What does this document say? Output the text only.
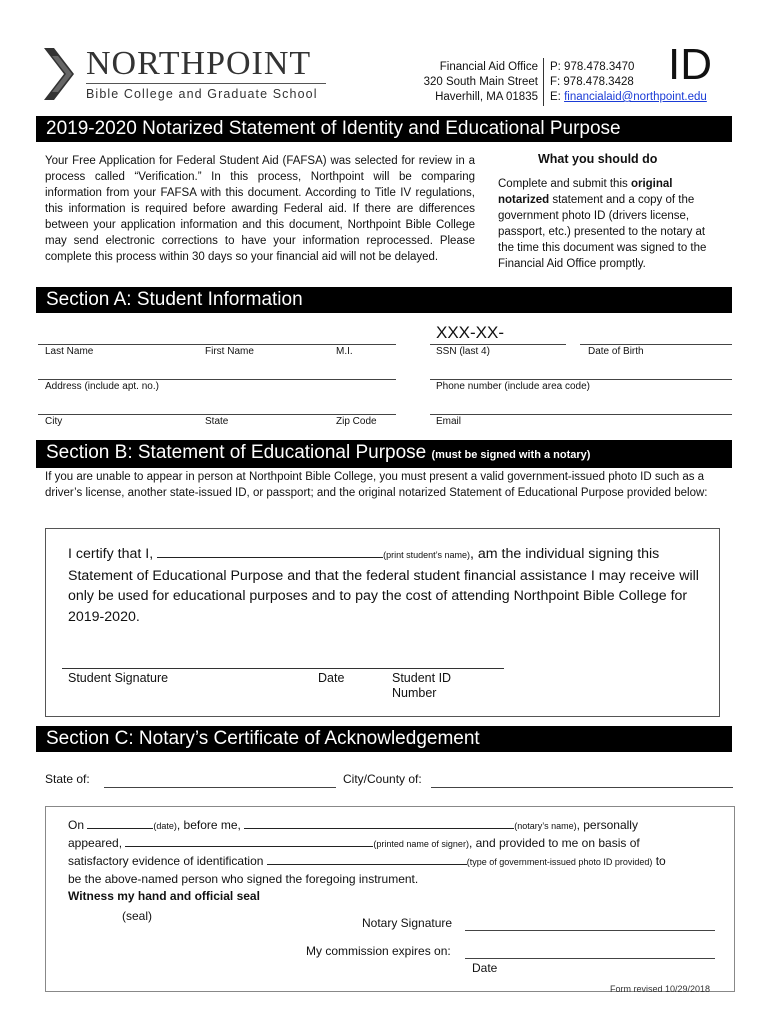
NORTHPOINT
Bible College and Graduate School
Financial Aid Office
320 South Main Street
Haverhill, MA 01835
P: 978.478.3470
F: 978.478.3428
E: financialaid@northpoint.edu
ID
2019-2020 Notarized Statement of Identity and Educational Purpose
Your Free Application for Federal Student Aid (FAFSA) was selected for review in a process called “Verification.” In this process, Northpoint will be comparing information from your FAFSA with this document. According to Title IV regulations, this information is required before awarding Federal aid. If there are differences between your application information and this document, Northpoint Bible College may send electronic corrections to have your information reprocessed. Please complete this process within 30 days so your financial aid will not be delayed.
What you should do
Complete and submit this original notarized statement and a copy of the government photo ID (drivers license, passport, etc.) presented to the notary at the time this document was signed to the Financial Aid Office promptly.
Section A: Student Information
XXX-XX-
Last Name	First Name	M.I.	SSN (last 4)	Date of Birth
Address (include apt. no.)	Phone number (include area code)
City	State	Zip Code	Email
Section B: Statement of Educational Purpose (must be signed with a notary)
If you are unable to appear in person at Northpoint Bible College, you must present a valid government-issued photo ID such as a driver’s license, another state-issued ID, or passport; and the original notarized Statement of Educational Purpose provided below:
I certify that I,	(print student’s name), am the individual signing this Statement of Educational Purpose and that the federal student financial assistance I may receive will only be used for educational purposes and to pay the cost of attending Northpoint Bible College for 2019-2020.
Student Signature	Date	Student ID Number
Section C: Notary’s Certificate of Acknowledgement
State of:	City/County of:
On	(date), before me,	(notary’s name), personally
appeared,	(printed name of signer), and provided to me on basis of
satisfactory evidence of identification	(type of government-issued photo ID provided) to
be the above-named person who signed the foregoing instrument.
Witness my hand and official seal
(seal)	Notary Signature
My commission expires on:
Date
Form revised 10/29/2018
